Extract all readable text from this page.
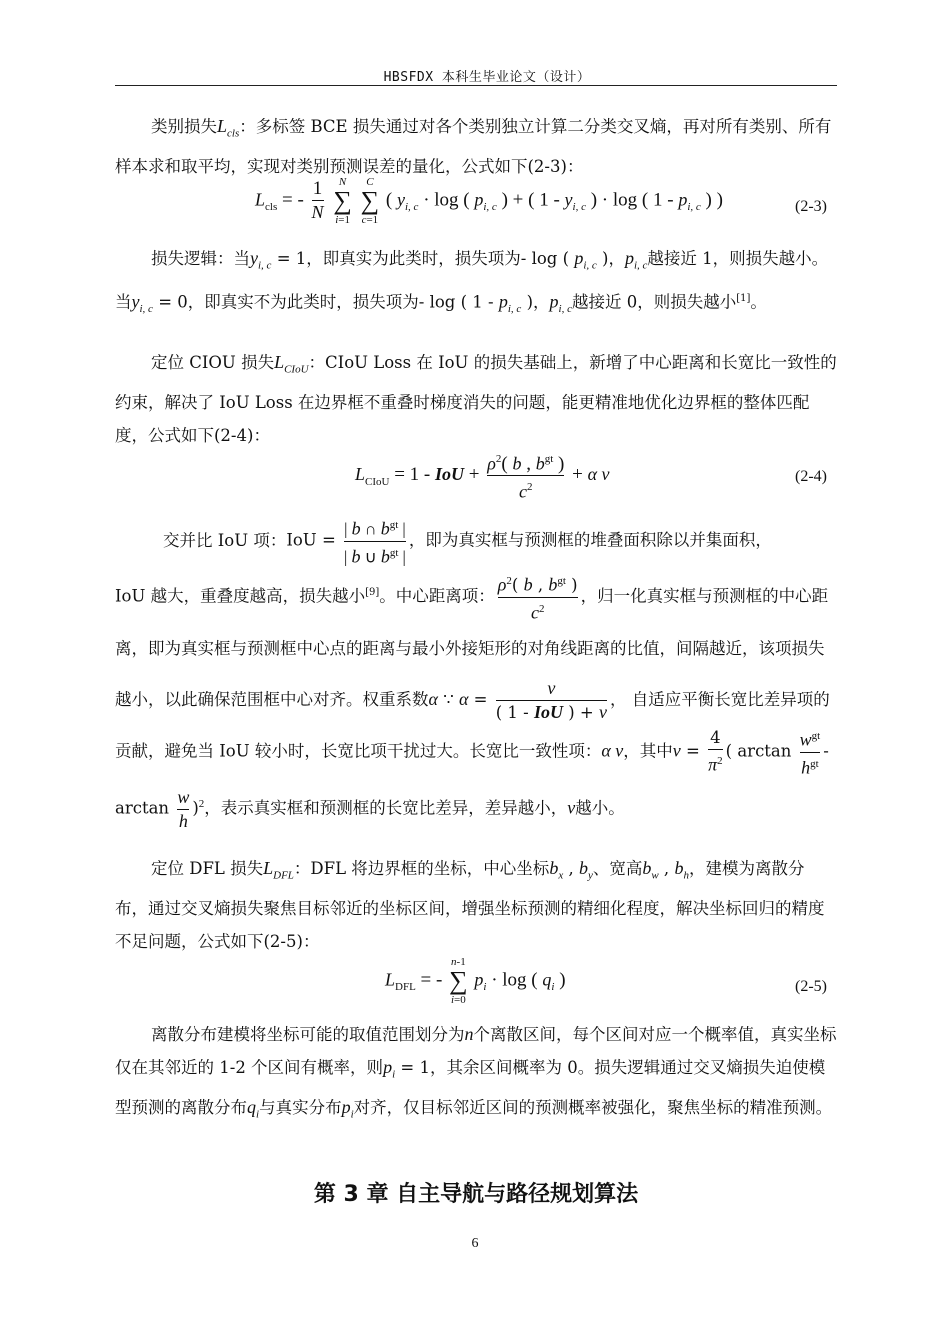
HBSFDX 本科生毕业论文（设计）
类别损失$L_{cls}$：多标签 BCE 损失通过对各个类别独立计算二分类交叉熵，再对所有类别、所有样本求和取平均，实现对类别预测误差的量化，公式如下(2-3)：
$L_{cls}$ = - $\frac{1}{N}$ N
∑
i=1 C
∑
c=1 ( $y_{i, c} \cdot \log$ ( $p_{i, c}$ ) + ( $1 - y_{i, c}$ ) · log ( $1 - p_{i, c}$ ) )	(2-3)
损失逻辑：当$y_{i, c} = 1$，即真实为此类时，损失项为- log ( $p_{i, c}$ )，$p_{i, c}$越接近 1，则损失越小。当$y_{i, c} = 0$，即真实不为此类时，损失项为- log ( $1 - p_{i, c}$ )，$p_{i, c}$越接近 0，则损失越小[1]。
定位 CIOU 损失$L_{CIoU}$：CIoU Loss 在 IoU 的损失基础上，新增了中心距离和长宽比一致性的约束，解决了 IoU Loss 在边界框不重叠时梯度消失的问题，能更精准地优化边界框的整体匹配度，公式如下(2-4)：
$L_{CIoU} = 1$ - IoU + $\frac{\rho^2( b , b^{gt} )}{c^2} + \alpha$ v	(2-4)
交并比 IoU 项：IoU = $\frac{| b \cap b^{gt} |}{| b \cup b^{gt} |}$ ，即为真实框与预测框的堆叠面积除以并集面积，
IoU 越大，重叠度越高，损失越小[9]。中心距离项： $\frac{\rho^2( b , b^{gt} )}{c^2}$ ，归一化真实框与预测框的中心距离，即为真实框与预测框中心点的距离与最小外接矩形的对角线距离的比值，间隔越近，该项损失越小，以此确保范围框中心对齐。权重系数α ∵ $\alpha = \frac{v}{\text{( 1 - IoU ) + v}}$ ， 自适应平衡长宽比差异项的贡献，避免当 IoU 较小时，长宽比项干扰过大。长宽比一致性项：α v，其中$v = \frac{4}{\pi^2}$ ( $\arctan \frac{w^{gt}}{h^{gt}}$ - $\arctan \frac{w}{h} )^2$，表示真实框和预测框的长宽比差异，差异越小，v越小。
定位 DFL 损失$L_{DFL}$：DFL 将边界框的坐标，中心坐标$b_x$ , $b_y$、宽高$b_w$ , $b_h$，建模为离散分布，通过交叉熵损失聚焦目标邻近的坐标区间，增强坐标预测的精细化程度，解决坐标回归的精度不足问题，公式如下(2-5)：
$L_{DFL}$ = - n-1
∑
i=0 $p_i \cdot \log$ ( $q_i$ )	(2-5)
离散分布建模将坐标可能的取值范围划分为n个离散区间，每个区间对应一个概率值，真实坐标仅在其邻近的 1-2 个区间有概率，则$p_i = 1$，其余区间概率为 0。损失逻辑通过交叉熵损失迫使模型预测的离散分布$q_i$与真实分布$p_i$对齐，仅目标邻近区间的预测概率被强化，聚焦坐标的精准预测。
第 3 章 自主导航与路径规划算法
6
